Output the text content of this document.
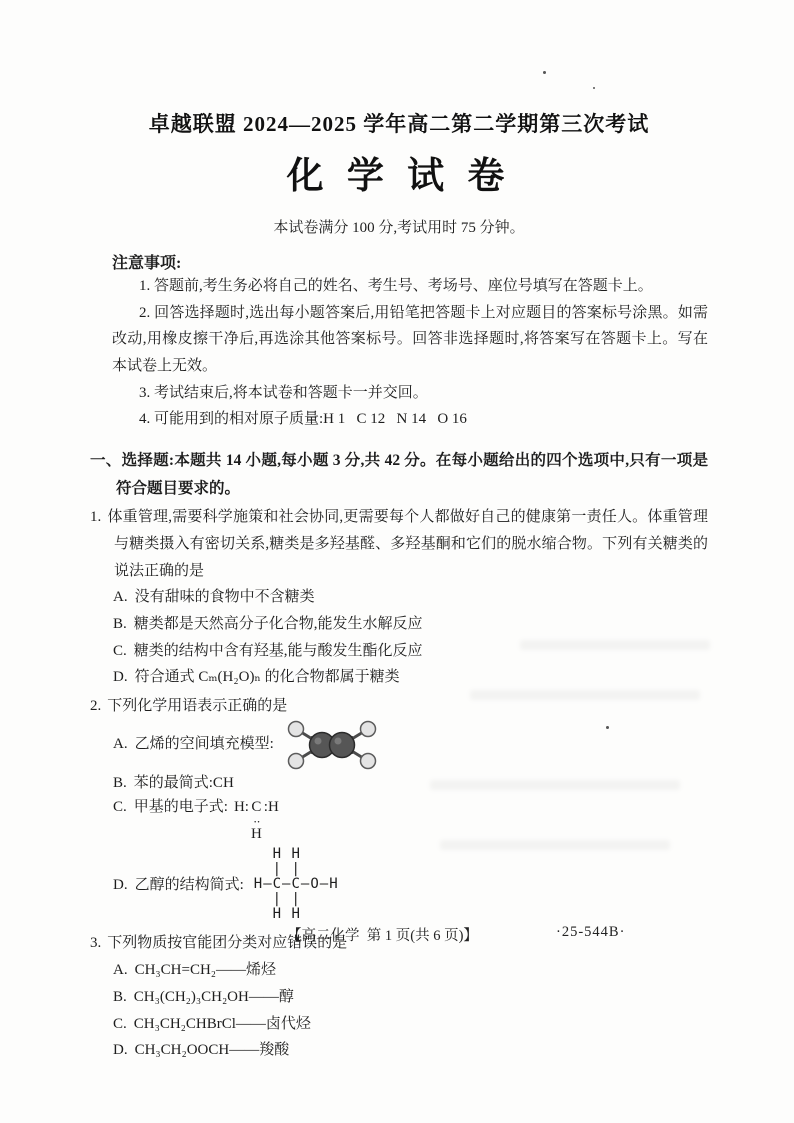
卓越联盟 2024—2025 学年高二第二学期第三次考试
化 学 试 卷

本试卷满分 100 分,考试用时 75 分钟。

注意事项:

1. 答题前,考生务必将自己的姓名、考生号、考场号、座位号填写在答题卡上。

2. 回答选择题时,选出每小题答案后,用铅笔把答题卡上对应题目的答案标号涂黑。如需改动,用橡皮擦干净后,再选涂其他答案标号。回答非选择题时,将答案写在答题卡上。写在本试卷上无效。

3. 考试结束后,将本试卷和答题卡一并交回。

4. 可能用到的相对原子质量:H 1   C 12   N 14   O 16

一、选择题:本题共 14 小题,每小题 3 分,共 42 分。在每小题给出的四个选项中,只有一项是符合题目要求的。

1. 体重管理,需要科学施策和社会协同,更需要每个人都做好自己的健康第一责任人。体重管理与糖类摄入有密切关系,糖类是多羟基醛、多羟基酮和它们的脱水缩合物。下列有关糖类的说法正确的是

A. 没有甜味的食物中不含糖类
B. 糖类都是天然高分子化合物,能发生水解反应
C. 糖类的结构中含有羟基,能与酸发生酯化反应
D. 符合通式 Cₘ(H₂O)ₙ 的化合物都属于糖类

2. 下列化学用语表示正确的是

A. 乙烯的空间填充模型:
B. 苯的最简式:CH
C. 甲基的电子式: H: C
··
H
:H
D. 乙醇的结构简式:
H H
| |
H—C—C—O—H
| |
H H

3. 下列物质按官能团分类对应错误的是

A. CH₃CH=CH₂——烯烃
B. CH₃(CH₂)₃CH₂OH——醇
C. CH₃CH₂CHBrCl——卤代烃
D. CH₃CH₂OOCH——羧酸
【高二化学  第 1 页(共 6 页)】	·25-544B·
